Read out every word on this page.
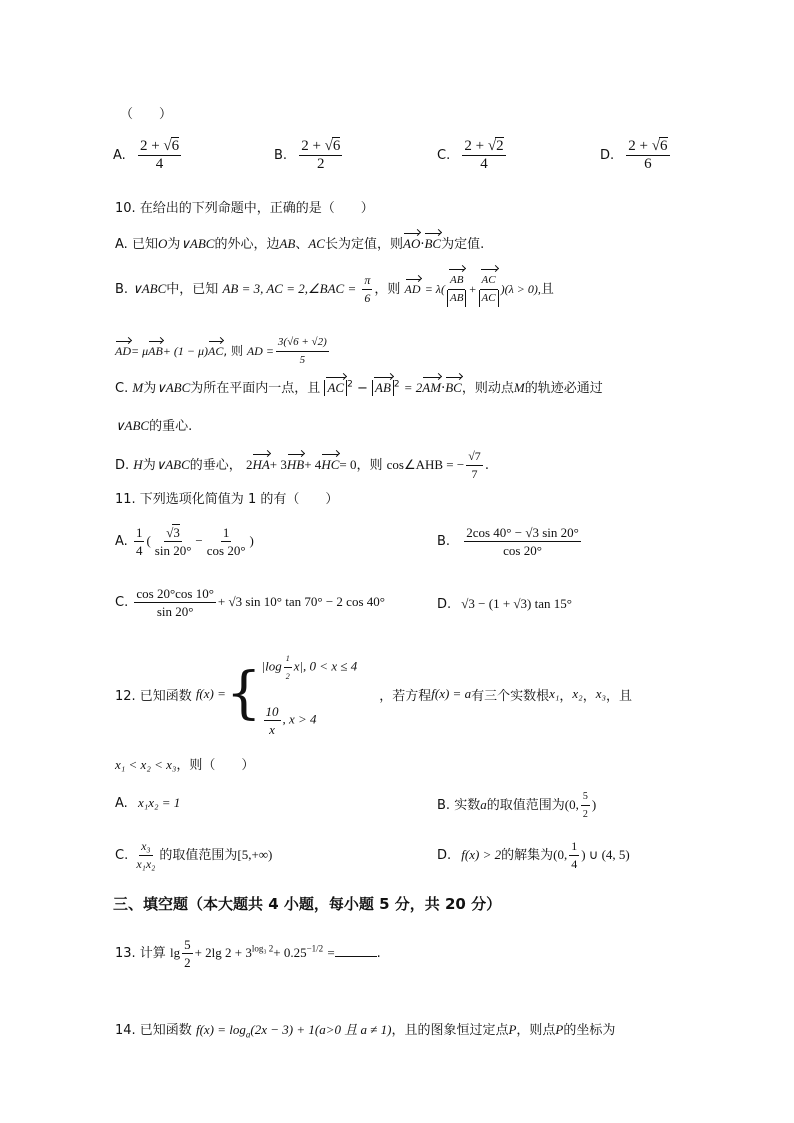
（　　）
A. $\frac{2 + √6}{4}$	B. $\frac{2 + √6}{2}$	C. $\frac{2 + √2}{4}$	D. $\frac{2 + √6}{6}$
10. 在给出的下列命题中，正确的是（　　）
A. 已知O为∨ABC的外心，边AB、AC长为定值，则AO·BC为定值.
B. ∨ABC中，已知 AB = 3, AC = 2,∠BAC = $\frac{\pi}{6}$ ，则 AD = $\lambda( \frac{AB}{AB} + \frac{AC}{AC} )(\lambda > 0)$,且
AD= μAB+ (1 − μ)AC, 则 AD = $\frac{3(√6 + √2)}{5}$
C. M为∨ABC为所在平面内一点，且 AC $^2$ − AB $^2$ = 2AM·BC，则动点M的轨迹必通过
∨ABC的重心.
D. H为∨ABC的垂心， 2HA+ 3HB+ 4HC= 0，则 cos∠AHB = − $\frac{√7}{7}$ .
11. 下列选项化简值为 1 的有（　　）
A. $\frac{1}{4}$ ( $\frac{√3}{\sin 20^\circ} - \frac{1}{\cos 20^\circ}$ )	B. $\frac{2\cos 40^\circ - √3 \sin 20^\circ}{\cos 20^\circ}$
C. $\frac{\cos 20^\circ\cos 10^\circ}{\sin 20^\circ} + √3$ sin 10° tan 70° − 2 cos 40°	D. √3 − (1 + √3) tan 15°
12. 已知函数 f(x) = { $|\log \frac{1}{2} x|$, 0 < x ≤ 4
$\frac{10}{x}$ , x > 4
，若方程 f(x) = a 有三个实数根 x₁ ， x₂ ， x₃ ，且
x₁ < x₂ < x₃，则（　　）
A. x₁x₂ = 1	B. 实数a的取值范围为(0, $\frac{5}{2}$ )
C. $\frac{\text{x₃}}{\text{x₁x₂}}$ 的取值范围为[5,+∞)	D. f(x) > 2的解集为(0, $\frac{1}{4}$ ) ∪ (4, 5)
三、填空题（本大题共 4 小题，每小题 5 分，共 20 分）
13. 计算 $\lg \frac{5}{2} + 2\lg$ $2 + 3^{log_3 2}+ 0.25^{-1/2}$ =	.
14. 已知函数 $f(x) = \log_a(2x - 3) + 1(a>0$ 且 a ≠ 1)，且的图象恒过定点P，则点P的坐标为
